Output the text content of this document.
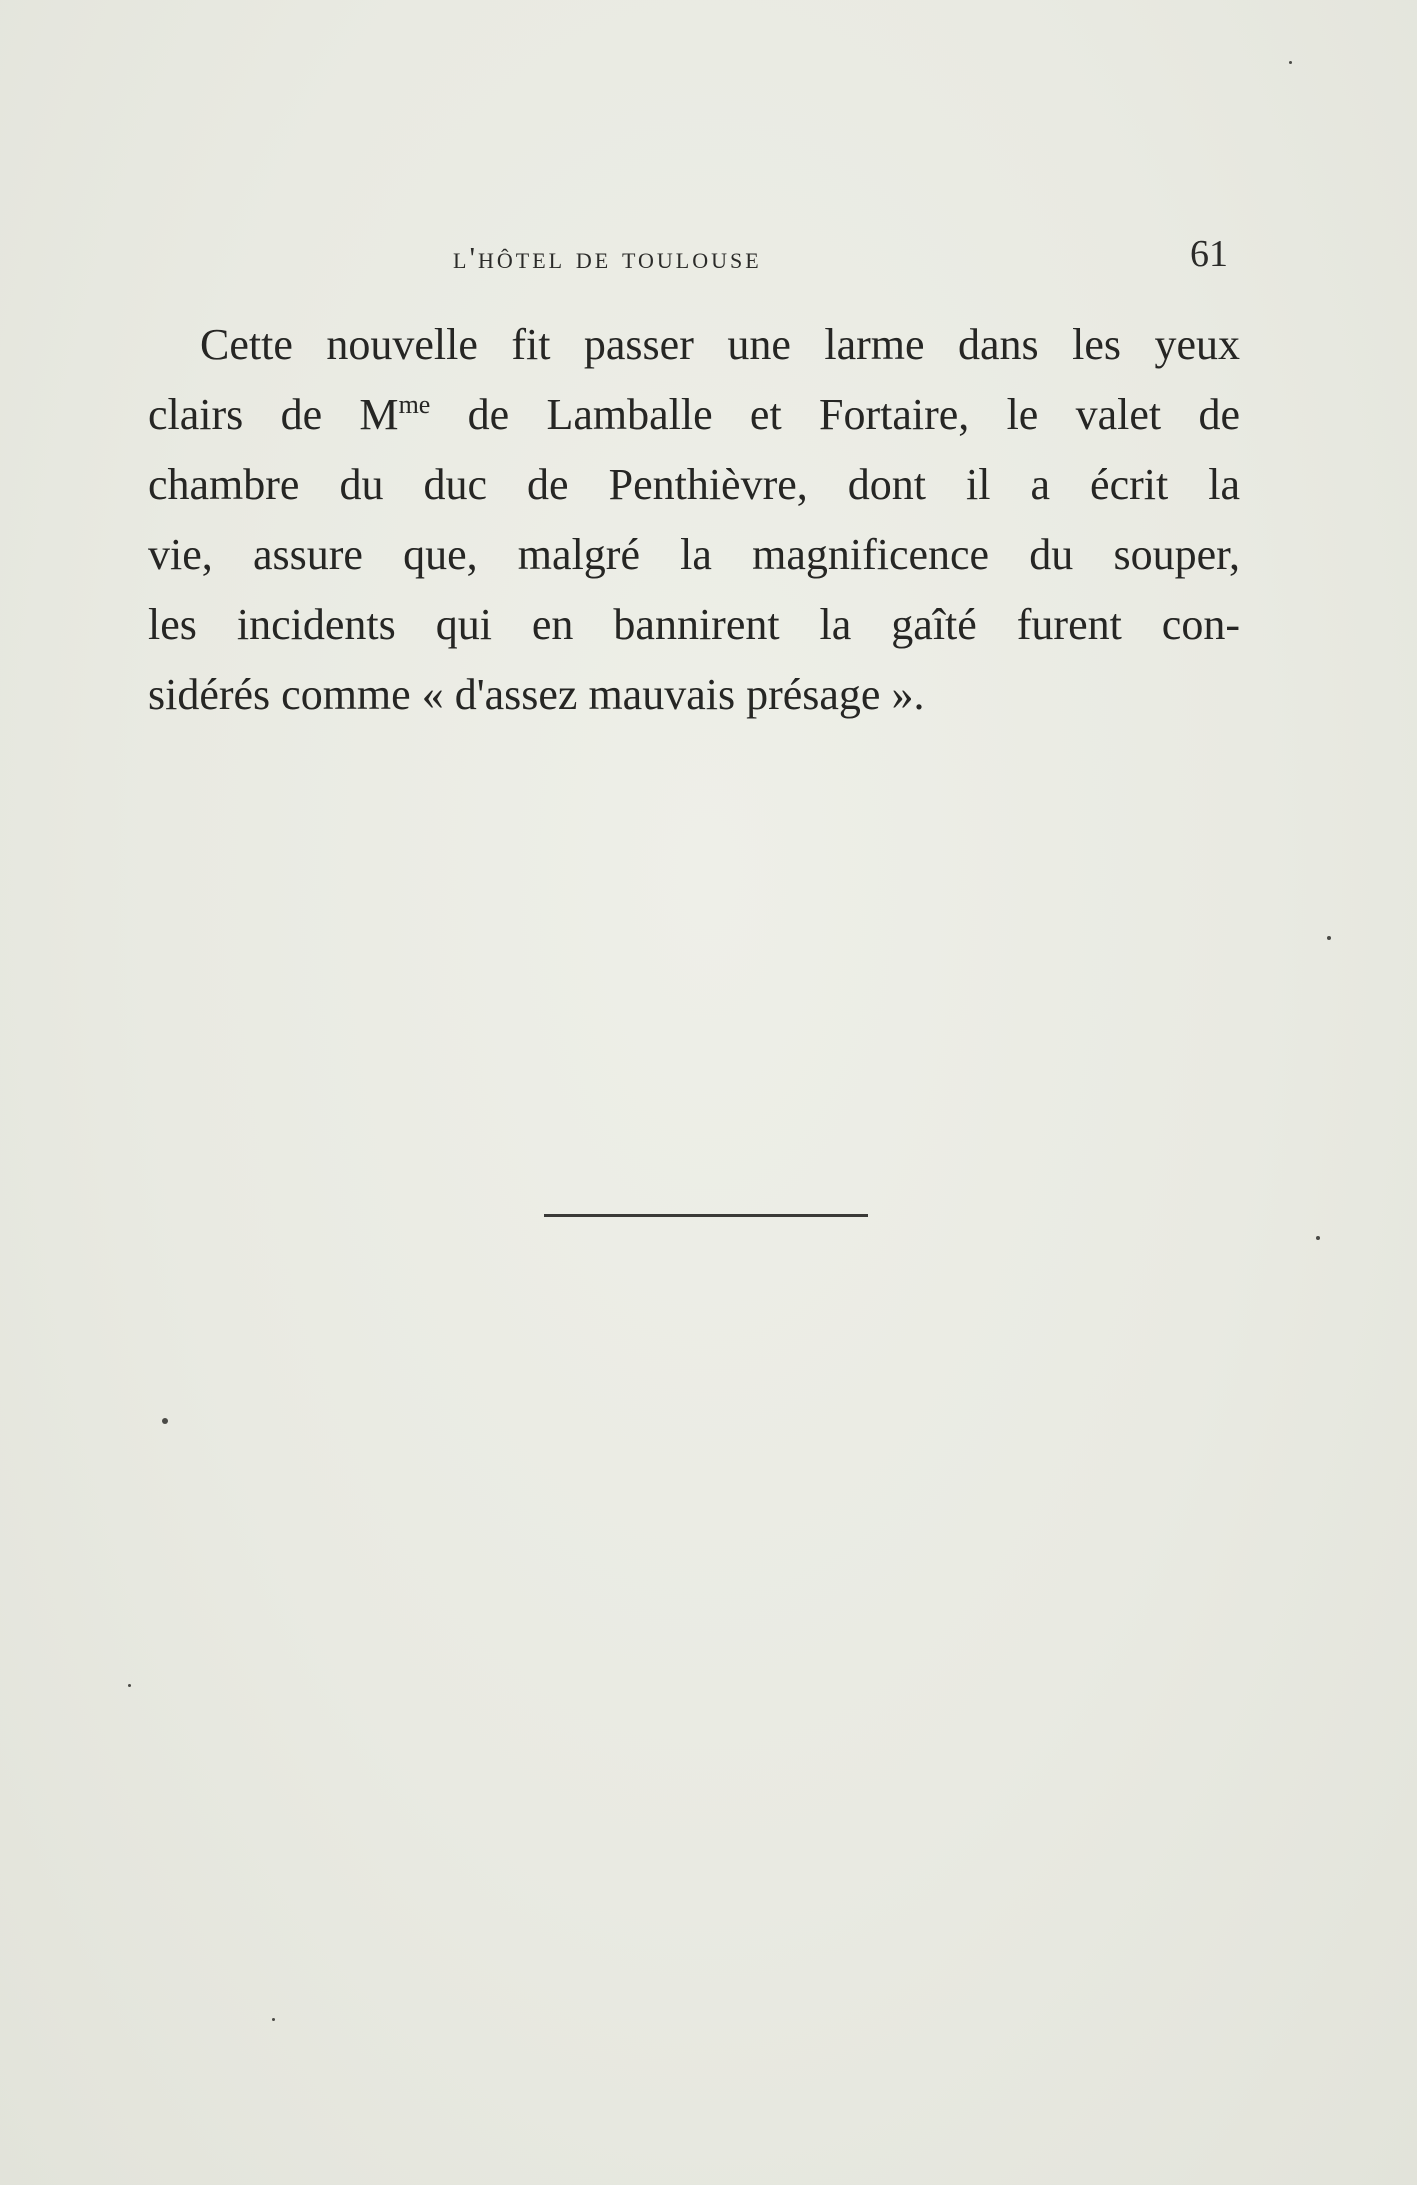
l'hôtel de toulouse	61
Cette nouvelle fit passer une larme dans les yeux
clairs de $M^{me}$ de Lamballe et Fortaire, le valet de
chambre du duc de Penthièvre, dont il a écrit la
vie, assure que, malgré la magnificence du souper,
les incidents qui en bannirent la gaîté furent con-
sidérés comme « d'assez mauvais présage ».
